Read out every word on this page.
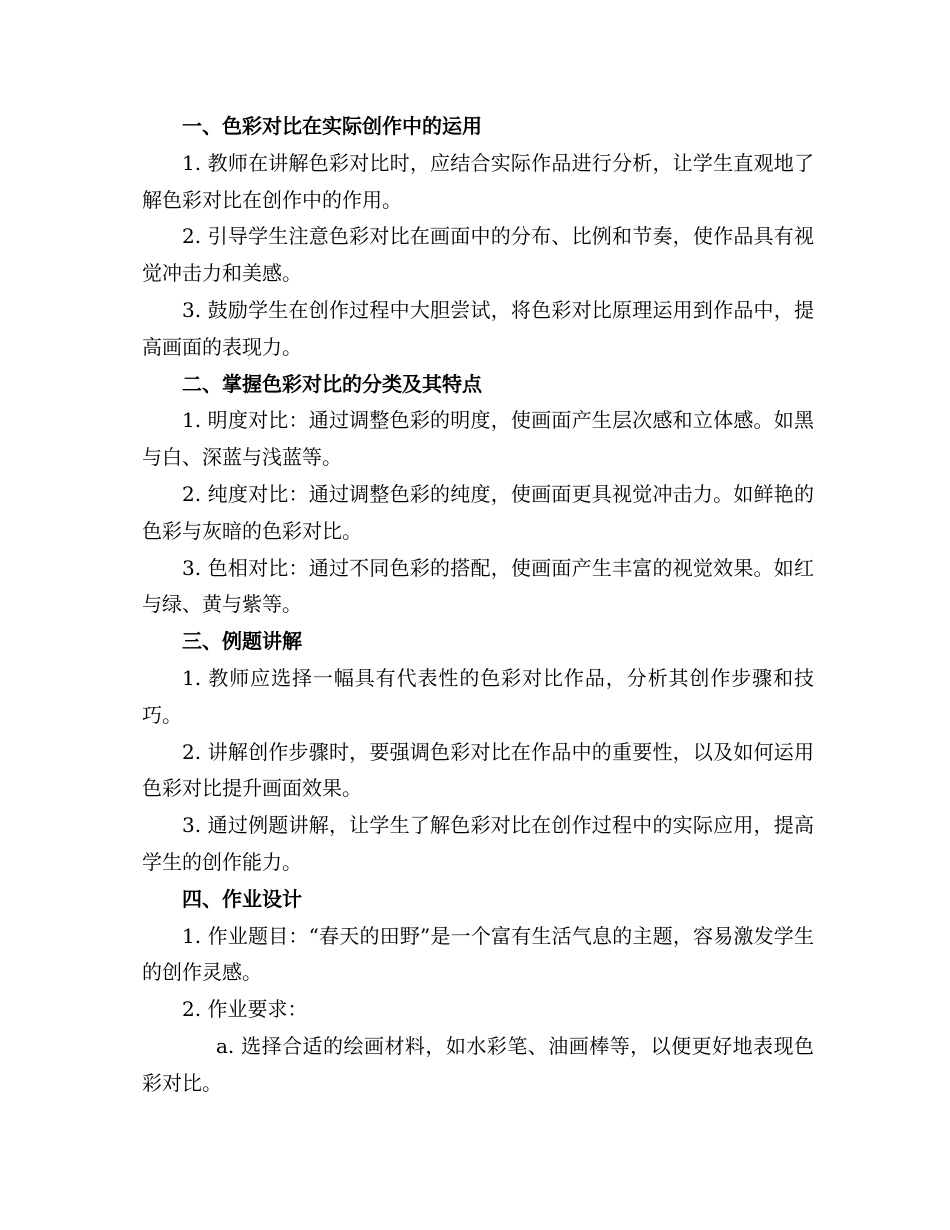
一、色彩对比在实际创作中的运用

1. 教师在讲解色彩对比时，应结合实际作品进行分析，让学生直观地了解色彩对比在创作中的作用。

2. 引导学生注意色彩对比在画面中的分布、比例和节奏，使作品具有视觉冲击力和美感。

3. 鼓励学生在创作过程中大胆尝试，将色彩对比原理运用到作品中，提高画面的表现力。

二、掌握色彩对比的分类及其特点

1. 明度对比：通过调整色彩的明度，使画面产生层次感和立体感。如黑与白、深蓝与浅蓝等。

2. 纯度对比：通过调整色彩的纯度，使画面更具视觉冲击力。如鲜艳的色彩与灰暗的色彩对比。

3. 色相对比：通过不同色彩的搭配，使画面产生丰富的视觉效果。如红与绿、黄与紫等。

三、例题讲解

1. 教师应选择一幅具有代表性的色彩对比作品，分析其创作步骤和技巧。

2. 讲解创作步骤时，要强调色彩对比在作品中的重要性，以及如何运用色彩对比提升画面效果。

3. 通过例题讲解，让学生了解色彩对比在创作过程中的实际应用，提高学生的创作能力。

四、作业设计

1. 作业题目：“春天的田野”是一个富有生活气息的主题，容易激发学生的创作灵感。

2. 作业要求：

a. 选择合适的绘画材料，如水彩笔、油画棒等，以便更好地表现色彩对比。
